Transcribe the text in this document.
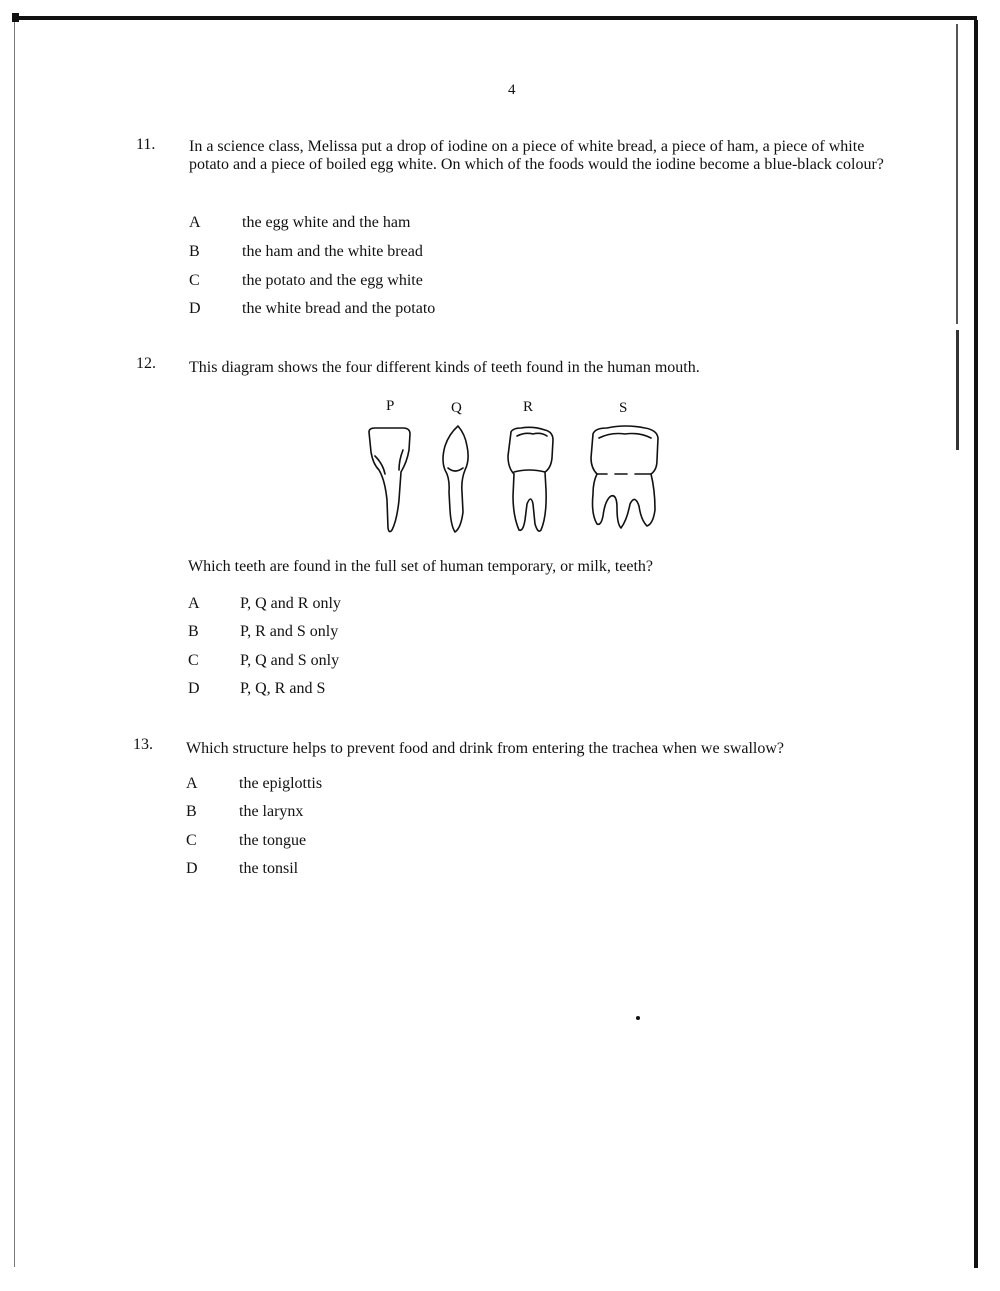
4
11. In a science class, Melissa put a drop of iodine on a piece of white bread, a piece of ham, a piece of white potato and a piece of boiled egg white. On which of the foods would the iodine become a blue-black colour?
A	the egg white and the ham
B	the ham and the white bread
C	the potato and the egg white
D	the white bread and the potato
12. This diagram shows the four different kinds of teeth found in the human mouth.
P	Q	R	S
Which teeth are found in the full set of human temporary, or milk, teeth?
A	P, Q and R only
B	P, R and S only
C	P, Q and S only
D	P, Q, R and S
13. Which structure helps to prevent food and drink from entering the trachea when we swallow?
A	the epiglottis
B	the larynx
C	the tongue
D	the tonsil
